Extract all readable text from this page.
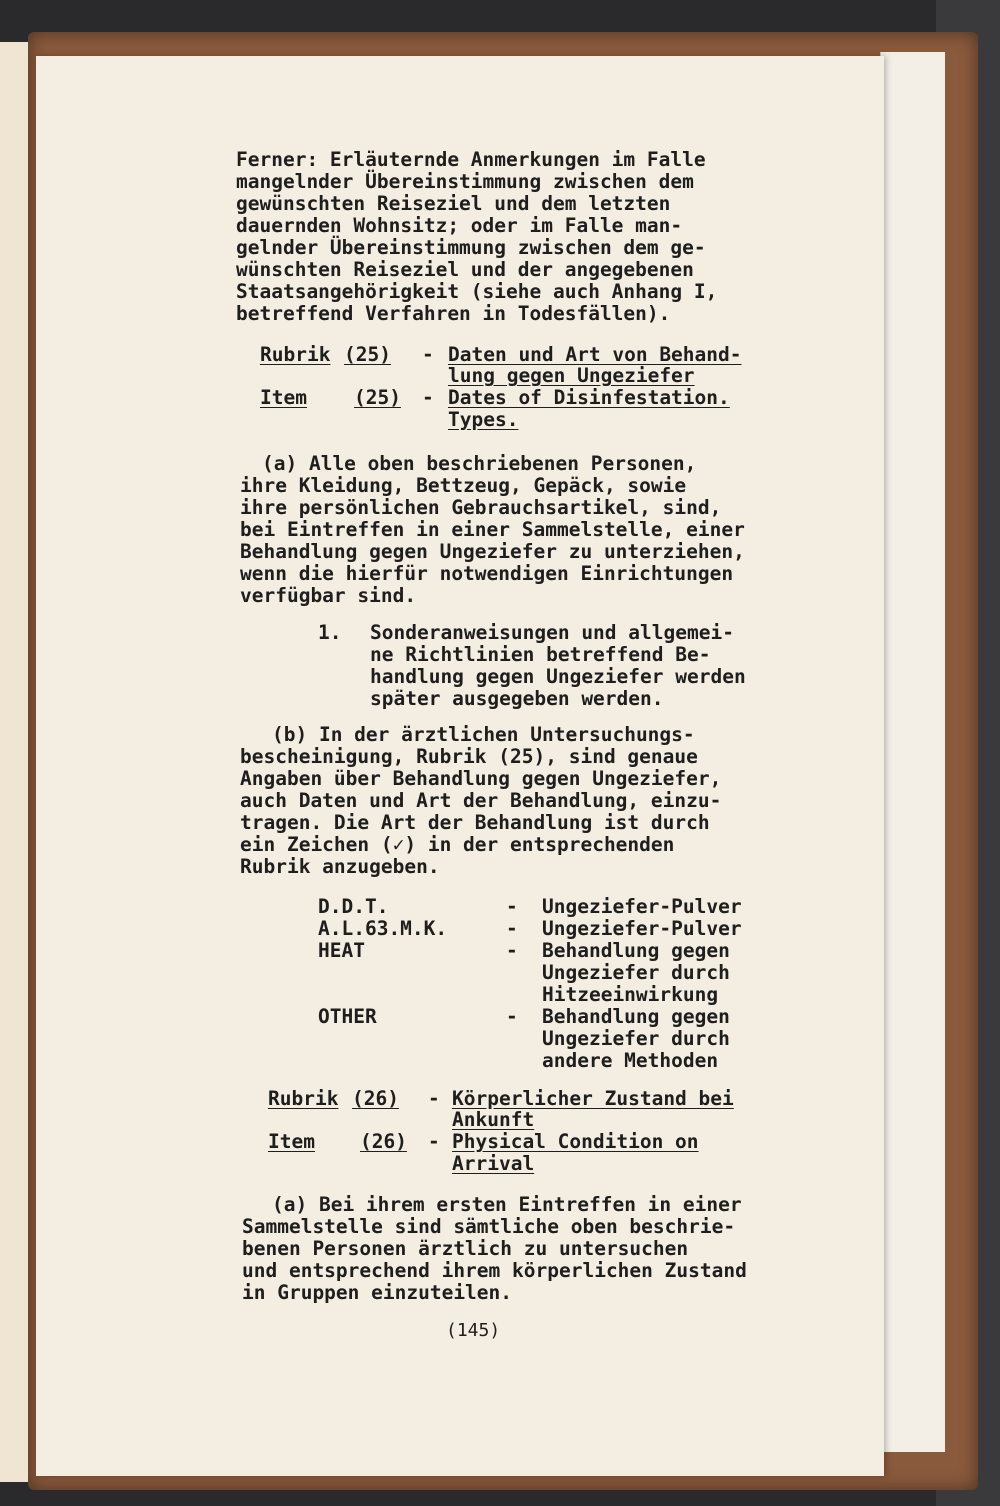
Ferner: Erläuternde Anmerkungen im Falle
mangelnder Übereinstimmung zwischen dem
gewünschten Reiseziel und dem letzten
dauernden Wohnsitz; oder im Falle man-
gelnder Übereinstimmung zwischen dem ge-
wünschten Reiseziel und der angegebenen
Staatsangehörigkeit (siehe auch Anhang I,
betreffend Verfahren in Todesfällen).
Rubrik (25) - Daten und Art von Behand-
lung gegen Ungeziefer
Item (25) - Dates of Disinfestation.
Types.
(a) Alle oben beschriebenen Personen,
ihre Kleidung, Bettzeug, Gepäck, sowie
ihre persönlichen Gebrauchsartikel, sind,
bei Eintreffen in einer Sammelstelle, einer
Behandlung gegen Ungeziefer zu unterziehen,
wenn die hierfür notwendigen Einrichtungen
verfügbar sind.
1. Sonderanweisungen und allgemei-
ne Richtlinien betreffend Be-
handlung gegen Ungeziefer werden
später ausgegeben werden.
(b) In der ärztlichen Untersuchungs-
bescheinigung, Rubrik (25), sind genaue
Angaben über Behandlung gegen Ungeziefer,
auch Daten und Art der Behandlung, einzu-
tragen. Die Art der Behandlung ist durch
ein Zeichen (✓) in der entsprechenden
Rubrik anzugeben.
D.D.T.	- Ungeziefer-Pulver
A.L.63.M.K.	- Ungeziefer-Pulver
HEAT	- Behandlung gegen
Ungeziefer durch
Hitzeeinwirkung
OTHER	- Behandlung gegen
Ungeziefer durch
andere Methoden
Rubrik (26) - Körperlicher Zustand bei
Ankunft
Item (26) - Physical Condition on
Arrival
(a) Bei ihrem ersten Eintreffen in einer
Sammelstelle sind sämtliche oben beschrie-
benen Personen ärztlich zu untersuchen
und entsprechend ihrem körperlichen Zustand
in Gruppen einzuteilen.
(145)
